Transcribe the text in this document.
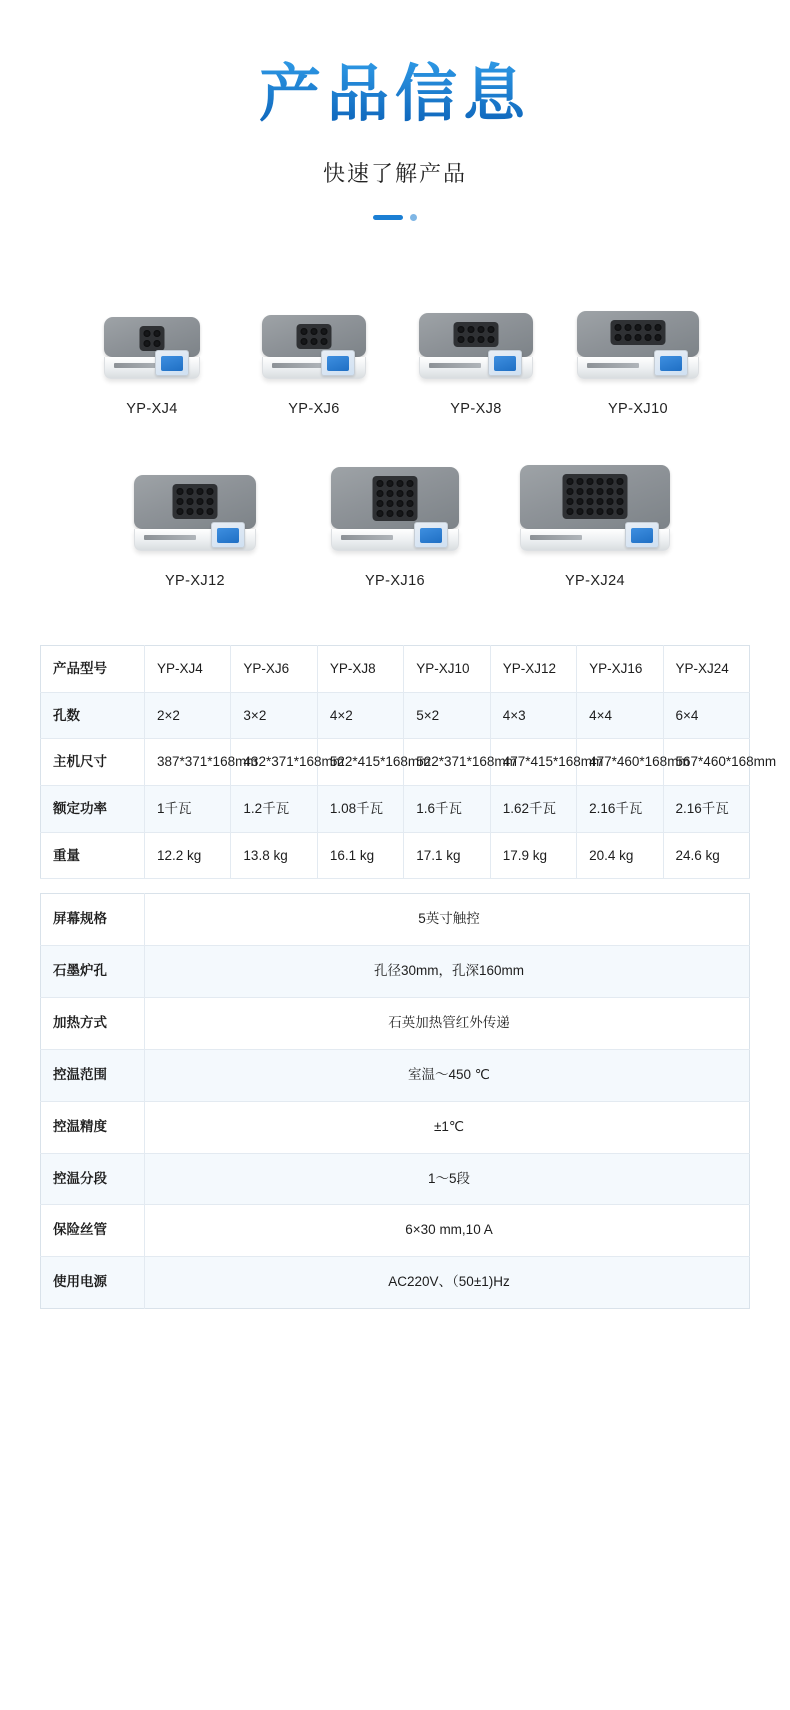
产品信息
快速了解产品
YP-XJ4	YP-XJ6	YP-XJ8	YP-XJ10
YP-XJ12	YP-XJ16	YP-XJ24
产品型号	YP-XJ4	YP-XJ6	YP-XJ8	YP-XJ10	YP-XJ12	YP-XJ16	YP-XJ24
孔数	2×2	3×2	4×2	5×2	4×3	4×4	6×4
主机尺寸	387*371*168mm	432*371*168mm	522*415*168mm	522*371*168mm	477*415*168mm	477*460*168mm	567*460*168mm
额定功率	1千瓦	1.2千瓦	1.08千瓦	1.6千瓦	1.62千瓦	2.16千瓦	2.16千瓦
重量	12.2 kg	13.8 kg	16.1 kg	17.1 kg	17.9 kg	20.4 kg	24.6 kg
屏幕规格	5英寸触控
石墨炉孔	孔径30mm，孔深160mm
加热方式	石英加热管红外传递
控温范围	室温～450 ℃
控温精度	±1℃
控温分段	1～5段
保险丝管	6×30 mm,10 A
使用电源	AC220V、（50±1)Hz
